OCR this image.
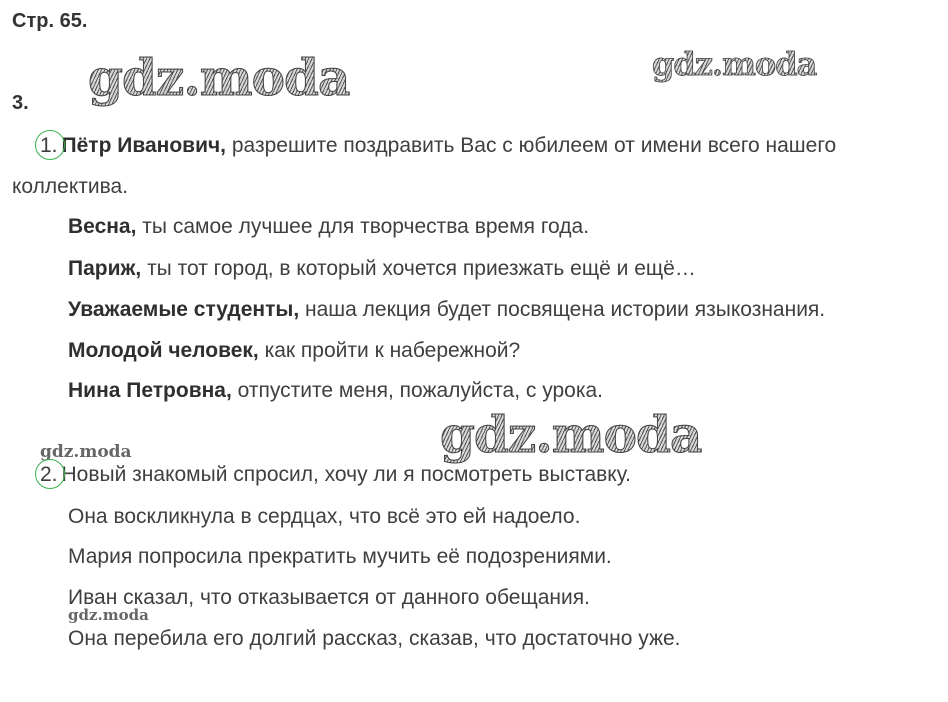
Стр. 65.
gdz.moda	gdz.moda
3.
1. Пётр Иванович, разрешите поздравить Вас с юбилеем от имени всего нашего
коллектива.
Весна, ты самое лучшее для творчества время года.
Париж, ты тот город, в который хочется приезжать ещё и ещё…
Уважаемые студенты, наша лекция будет посвящена истории языкознания.
Молодой человек, как пройти к набережной?
Нина Петровна, отпустите меня, пожалуйста, с урока.
gdz.moda
gdz.moda
2. Новый знакомый спросил, хочу ли я посмотреть выставку.
Она воскликнула в сердцах, что всё это ей надоело.
Мария попросила прекратить мучить её подозрениями.
Иван сказал, что отказывается от данного обещания.
gdz.moda
Она перебила его долгий рассказ, сказав, что достаточно уже.
